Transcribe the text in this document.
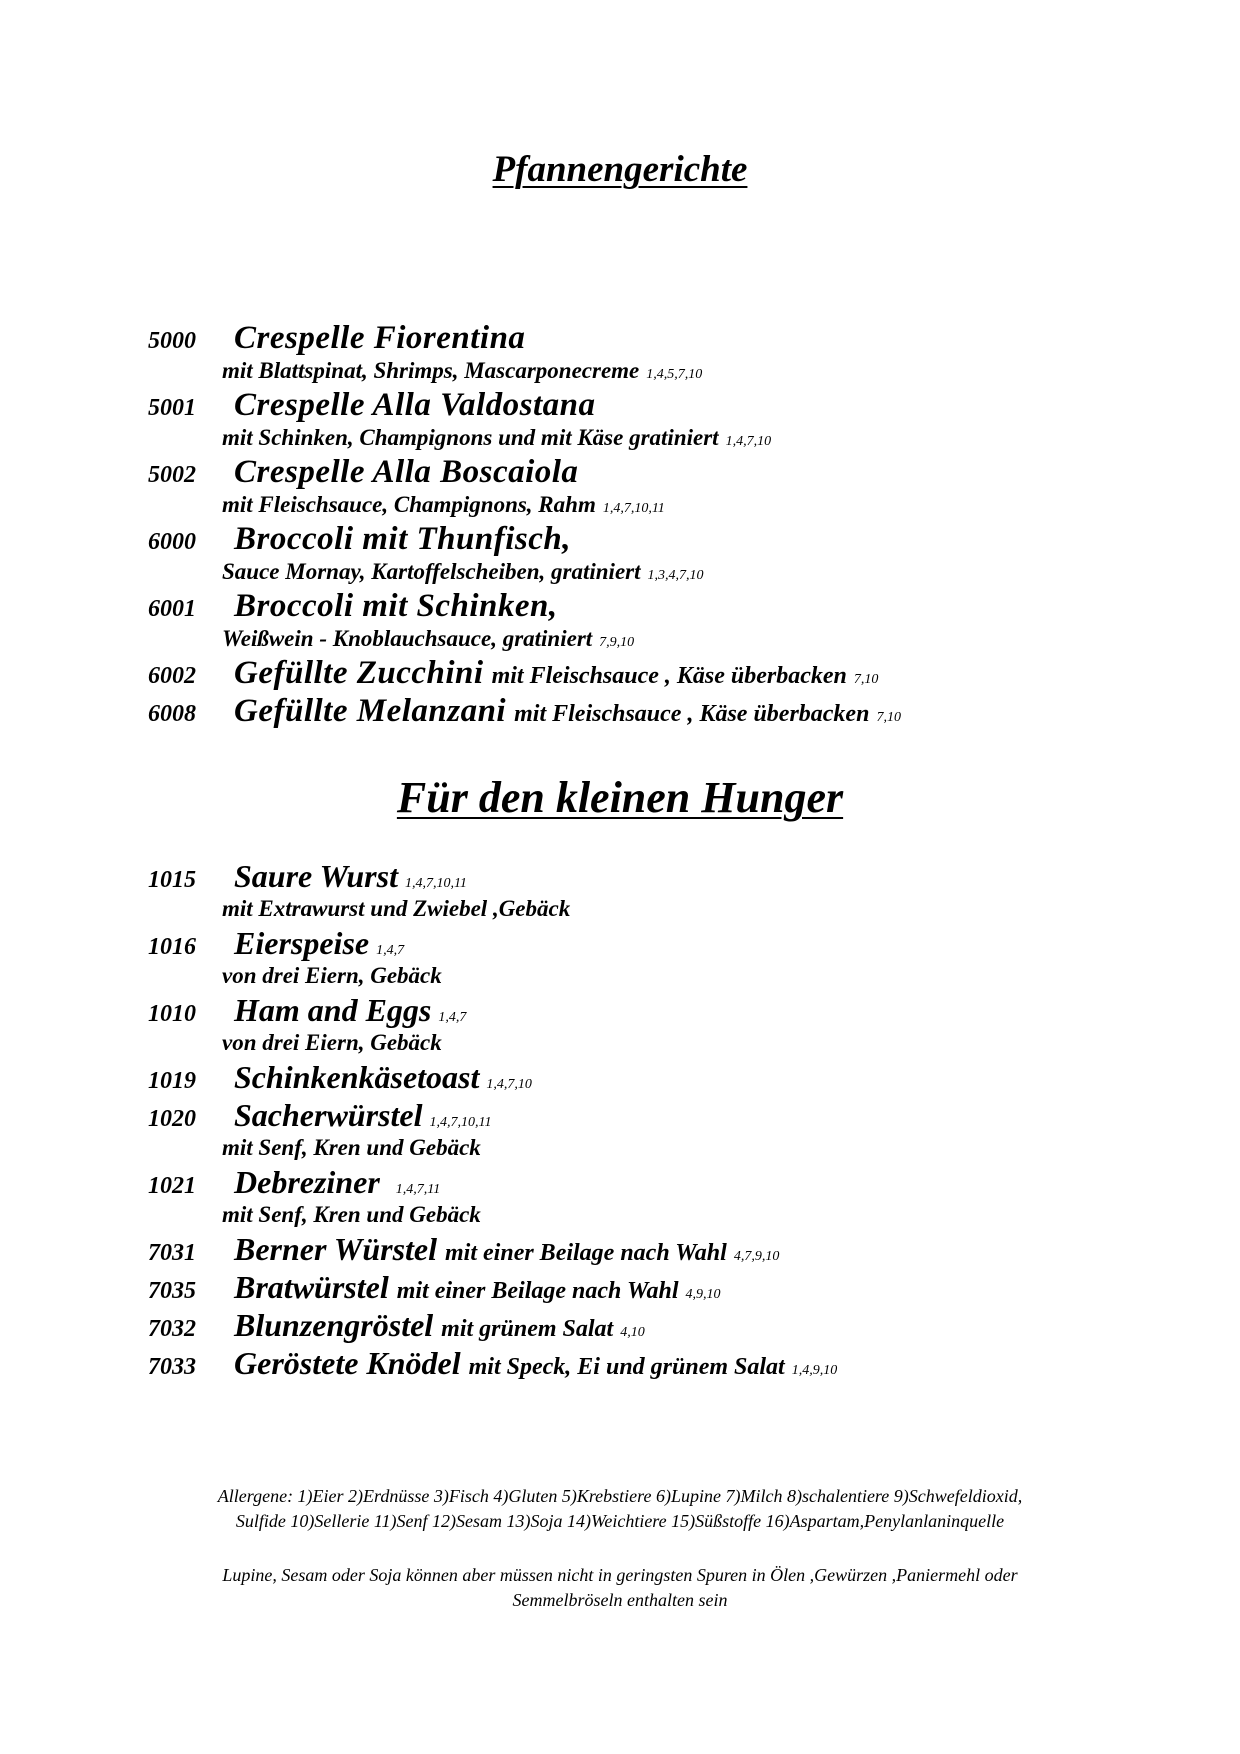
Pfannengerichte
5000	Crespelle Fiorentina
mit Blattspinat, Shrimps, Mascarponecreme 1,4,5,7,10
5001	Crespelle Alla Valdostana
mit Schinken, Champignons und mit Käse gratiniert 1,4,7,10
5002	Crespelle Alla Boscaiola
mit Fleischsauce, Champignons, Rahm 1,4,7,10,11
6000	Broccoli mit Thunfisch,
Sauce Mornay, Kartoffelscheiben, gratiniert 1,3,4,7,10
6001	Broccoli mit Schinken,
Weißwein - Knoblauchsauce, gratiniert 7,9,10
6002	Gefüllte Zucchini mit Fleischsauce , Käse überbacken 7,10
6008	Gefüllte Melanzani mit Fleischsauce , Käse überbacken 7,10
Für den kleinen Hunger
1015	Saure Wurst 1,4,7,10,11
mit Extrawurst und Zwiebel ,Gebäck
1016	Eierspeise 1,4,7
von drei Eiern, Gebäck
1010	Ham and Eggs 1,4,7
von drei Eiern, Gebäck
1019	Schinkenkäsetoast 1,4,7,10
1020	Sacherwürstel 1,4,7,10,11
mit Senf, Kren und Gebäck
1021	Debreziner 1,4,7,11
mit Senf, Kren und Gebäck
7031	Berner Würstel mit einer Beilage nach Wahl 4,7,9,10
7035	Bratwürstel mit einer Beilage nach Wahl 4,9,10
7032	Blunzengröstel mit grünem Salat 4,10
7033	Geröstete Knödel mit Speck, Ei und grünem Salat 1,4,9,10
Allergene: 1)Eier 2)Erdnüsse 3)Fisch 4)Gluten 5)Krebstiere 6)Lupine 7)Milch 8)schalentiere 9)Schwefeldioxid,
Sulfide 10)Sellerie 11)Senf 12)Sesam 13)Soja 14)Weichtiere 15)Süßstoffe 16)Aspartam,Penylanlaninquelle
Lupine, Sesam oder Soja können aber müssen nicht in geringsten Spuren in Ölen ,Gewürzen ,Paniermehl oder
Semmelbröseln enthalten sein
